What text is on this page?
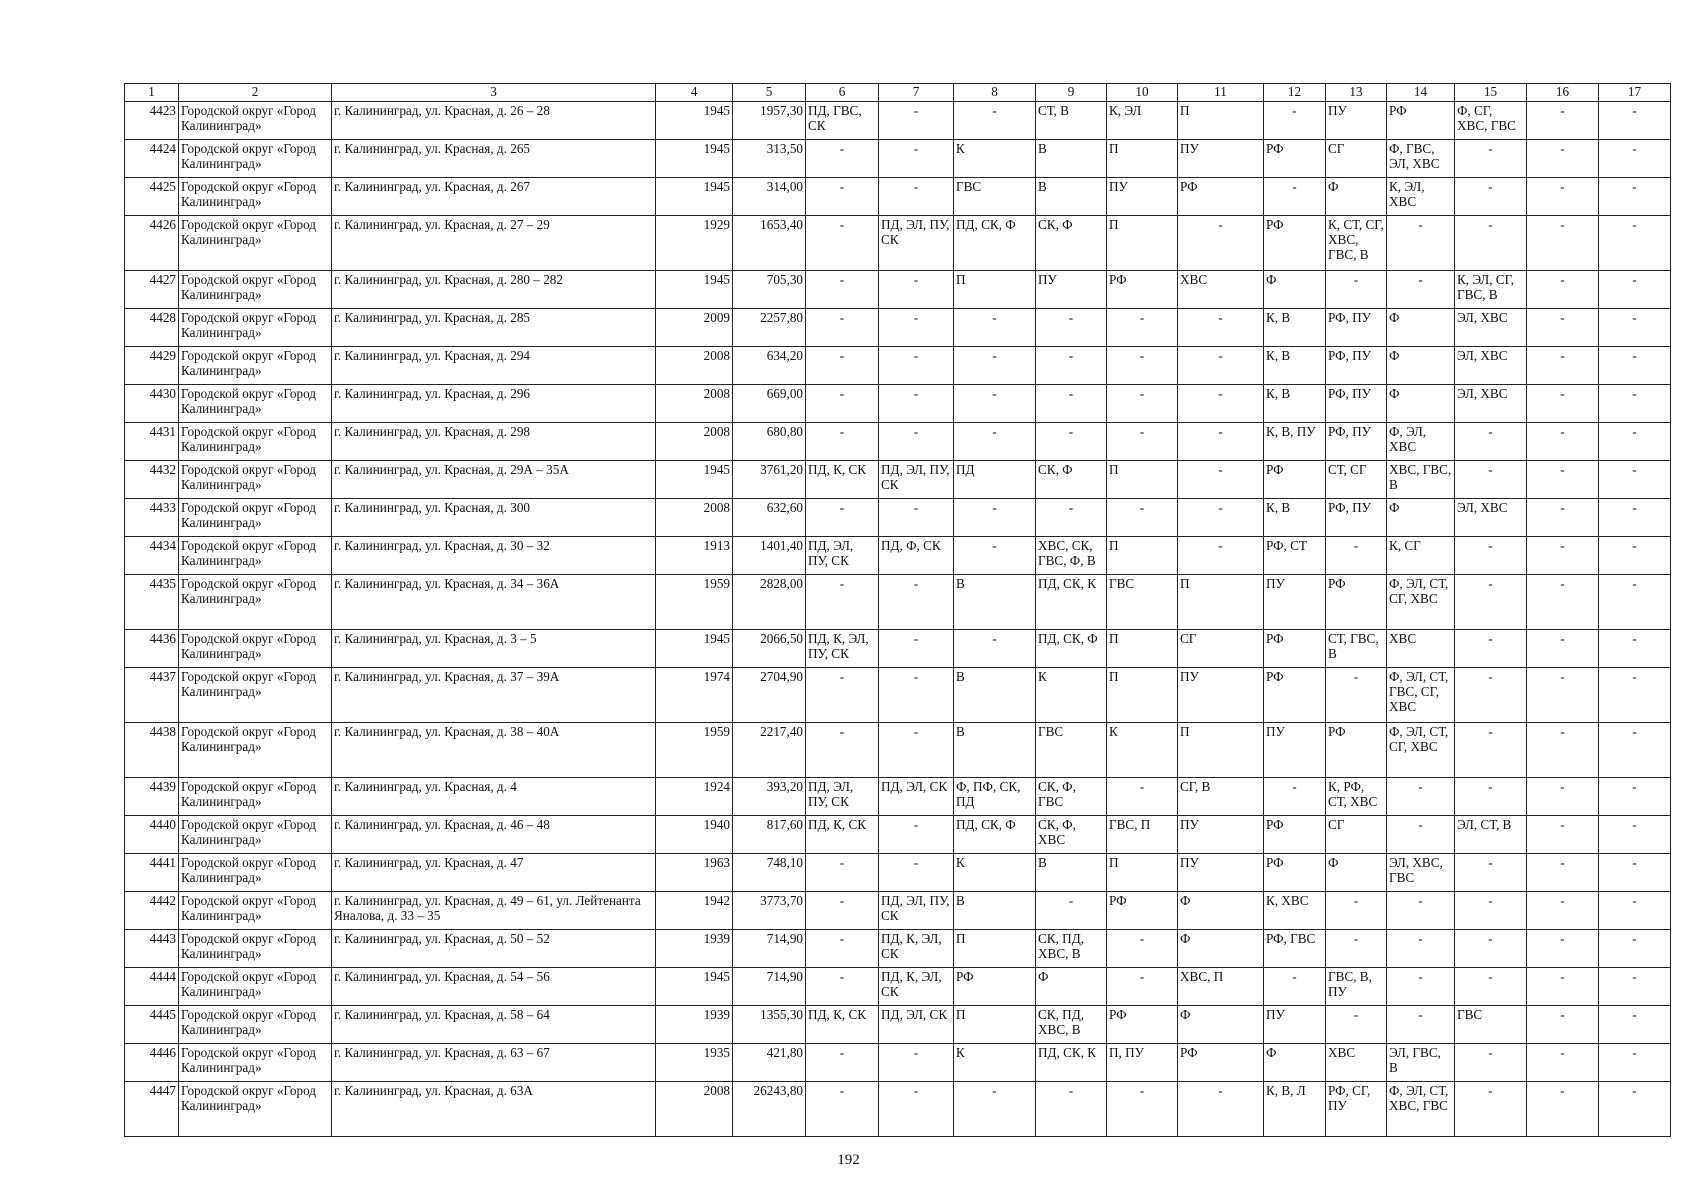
1	2	3	4	5	6	7	8	9	10	11	12	13	14	15	16	17
4423	Городской округ «Город Калининград»	г. Калининград, ул. Красная, д. 26 – 28	1945	1957,30	ПД, ГВС, СК	-	-	СТ, В	К, ЭЛ	П	-	ПУ	РФ	Ф, СГ, ХВС, ГВС	-	-
4424	Городской округ «Город Калининград»	г. Калининград, ул. Красная, д. 265	1945	313,50	-	-	К	В	П	ПУ	РФ	СГ	Ф, ГВС, ЭЛ, ХВС	-	-	-
4425	Городской округ «Город Калининград»	г. Калининград, ул. Красная, д. 267	1945	314,00	-	-	ГВС	В	ПУ	РФ	-	Ф	К, ЭЛ, ХВС	-	-	-
4426	Городской округ «Город Калининград»	г. Калининград, ул. Красная, д. 27 – 29	1929	1653,40	-	ПД, ЭЛ, ПУ, СК	ПД, СК, Ф	СК, Ф	П	-	РФ	К, СТ, СГ, ХВС, ГВС, В	-	-	-	-
4427	Городской округ «Город Калининград»	г. Калининград, ул. Красная, д. 280 – 282	1945	705,30	-	-	П	ПУ	РФ	ХВС	Ф	-	-	К, ЭЛ, СГ, ГВС, В	-	-
4428	Городской округ «Город Калининград»	г. Калининград, ул. Красная, д. 285	2009	2257,80	-	-	-	-	-	-	К, В	РФ, ПУ	Ф	ЭЛ, ХВС	-	-
4429	Городской округ «Город Калининград»	г. Калининград, ул. Красная, д. 294	2008	634,20	-	-	-	-	-	-	К, В	РФ, ПУ	Ф	ЭЛ, ХВС	-	-
4430	Городской округ «Город Калининград»	г. Калининград, ул. Красная, д. 296	2008	669,00	-	-	-	-	-	-	К, В	РФ, ПУ	Ф	ЭЛ, ХВС	-	-
4431	Городской округ «Город Калининград»	г. Калининград, ул. Красная, д. 298	2008	680,80	-	-	-	-	-	-	К, В, ПУ	РФ, ПУ	Ф, ЭЛ, ХВС	-	-	-
4432	Городской округ «Город Калининград»	г. Калининград, ул. Красная, д. 29А – 35А	1945	3761,20	ПД, К, СК	ПД, ЭЛ, ПУ, СК	ПД	СК, Ф	П	-	РФ	СТ, СГ	ХВС, ГВС, В	-	-	-
4433	Городской округ «Город Калининград»	г. Калининград, ул. Красная, д. 300	2008	632,60	-	-	-	-	-	-	К, В	РФ, ПУ	Ф	ЭЛ, ХВС	-	-
4434	Городской округ «Город Калининград»	г. Калининград, ул. Красная, д. 30 – 32	1913	1401,40	ПД, ЭЛ, ПУ, СК	ПД, Ф, СК	-	ХВС, СК, ГВС, Ф, В	П	-	РФ, СТ	-	К, СГ	-	-	-
4435	Городской округ «Город Калининград»	г. Калининград, ул. Красная, д. 34 – 36А	1959	2828,00	-	-	В	ПД, СК, К	ГВС	П	ПУ	РФ	Ф, ЭЛ, СТ, СГ, ХВС	-	-	-
4436	Городской округ «Город Калининград»	г. Калининград, ул. Красная, д. 3 – 5	1945	2066,50	ПД, К, ЭЛ, ПУ, СК	-	-	ПД, СК, Ф	П	СГ	РФ	СТ, ГВС, В	ХВС	-	-	-
4437	Городской округ «Город Калининград»	г. Калининград, ул. Красная, д. 37 – 39А	1974	2704,90	-	-	В	К	П	ПУ	РФ	-	Ф, ЭЛ, СТ, ГВС, СГ, ХВС	-	-	-
4438	Городской округ «Город Калининград»	г. Калининград, ул. Красная, д. 38 – 40А	1959	2217,40	-	-	В	ГВС	К	П	ПУ	РФ	Ф, ЭЛ, СТ, СГ, ХВС	-	-	-
4439	Городской округ «Город Калининград»	г. Калининград, ул. Красная, д. 4	1924	393,20	ПД, ЭЛ, ПУ, СК	ПД, ЭЛ, СК	Ф, ПФ, СК, ПД	СК, Ф, ГВС	-	СГ, В	-	К, РФ, СТ, ХВС	-	-	-	-
4440	Городской округ «Город Калининград»	г. Калининград, ул. Красная, д. 46 – 48	1940	817,60	ПД, К, СК	-	ПД, СК, Ф	СК, Ф, ХВС	ГВС, П	ПУ	РФ	СГ	-	ЭЛ, СТ, В	-	-
4441	Городской округ «Город Калининград»	г. Калининград, ул. Красная, д. 47	1963	748,10	-	-	К	В	П	ПУ	РФ	Ф	ЭЛ, ХВС, ГВС	-	-	-
4442	Городской округ «Город Калининград»	г. Калининград, ул. Красная, д. 49 – 61, ул. Лейтенанта Яналова, д. 33 – 35	1942	3773,70	-	ПД, ЭЛ, ПУ, СК	В	-	РФ	Ф	К, ХВС	-	-	-	-	-
4443	Городской округ «Город Калининград»	г. Калининград, ул. Красная, д. 50 – 52	1939	714,90	-	ПД, К, ЭЛ, СК	П	СК, ПД, ХВС, В	-	Ф	РФ, ГВС	-	-	-	-	-
4444	Городской округ «Город Калининград»	г. Калининград, ул. Красная, д. 54 – 56	1945	714,90	-	ПД, К, ЭЛ, СК	РФ	Ф	-	ХВС, П	-	ГВС, В, ПУ	-	-	-	-
4445	Городской округ «Город Калининград»	г. Калининград, ул. Красная, д. 58 – 64	1939	1355,30	ПД, К, СК	ПД, ЭЛ, СК	П	СК, ПД, ХВС, В	РФ	Ф	ПУ	-	-	ГВС	-	-
4446	Городской округ «Город Калининград»	г. Калининград, ул. Красная, д. 63 – 67	1935	421,80	-	-	К	ПД, СК, К	П, ПУ	РФ	Ф	ХВС	ЭЛ, ГВС, В	-	-	-
4447	Городской округ «Город Калининград»	г. Калининград, ул. Красная, д. 63А	2008	26243,80	-	-	-	-	-	-	К, В, Л	РФ, СГ, ПУ	Ф, ЭЛ, СТ, ХВС, ГВС	-	-	-
192
